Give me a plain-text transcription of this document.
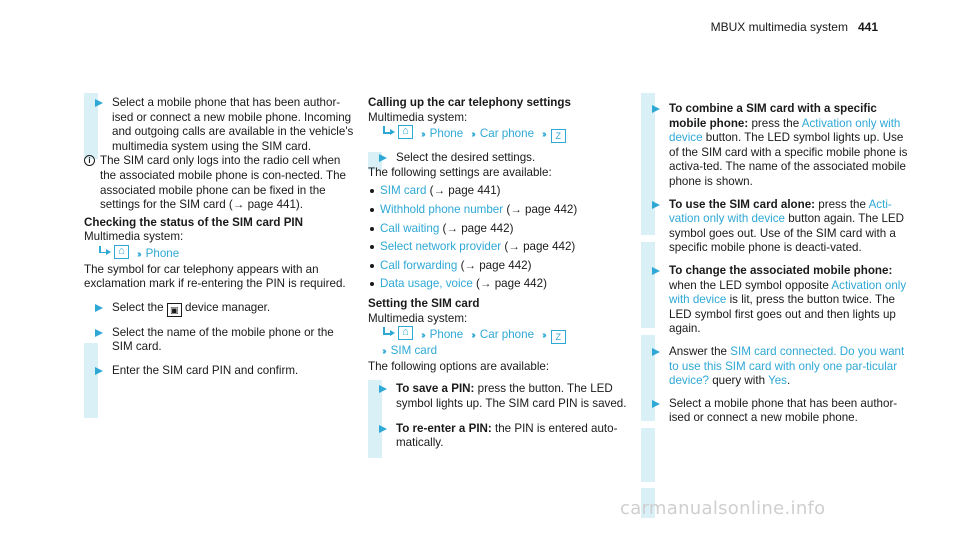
MBUX multimedia system 441
Select a mobile phone that has been author-ised or connect a new mobile phone. Incoming and outgoing calls are available in the vehicle's multimedia system using the SIM card.
i The SIM card only logs into the radio cell when the associated mobile phone is con-nected. The associated mobile phone can be fixed in the settings for the SIM card (→ page 441).
Checking the status of the SIM card PIN
Multimedia system:
⌂›› Phone
The symbol for car telephony appears with an exclamation mark if re-entering the PIN is required.
Select the ▣ device manager.
Select the name of the mobile phone or the SIM card.
Enter the SIM card PIN and confirm.
Calling up the car telephony settings
Multimedia system:
⌂›› Phone ›› Car phone ›› Z
Select the desired settings.
The following settings are available:
SIM card (→ page 441)
Withhold phone number (→ page 442)
Call waiting (→ page 442)
Select network provider (→ page 442)
Call forwarding (→ page 442)
Data usage, voice (→ page 442)
Setting the SIM card
Multimedia system:
⌂›› Phone ›› Car phone ›› Z
›› SIM card
The following options are available:
To save a PIN: press the button. The LED symbol lights up. The SIM card PIN is saved.
To re-enter a PIN: the PIN is entered auto-matically.
To combine a SIM card with a specific mobile phone: press the Activation only with device button. The LED symbol lights up. Use of the SIM card with a specific mobile phone is activa-ted. The name of the associated mobile phone is shown.
To use the SIM card alone: press the Acti-vation only with device button again. The LED symbol goes out. Use of the SIM card with a specific mobile phone is deacti-vated.
To change the associated mobile phone: when the LED symbol opposite Activation only with device is lit, press the button twice. The LED symbol first goes out and then lights up again.
Answer the SIM card connected. Do you want to use this SIM card with only one par-ticular device? query with Yes.
Select a mobile phone that has been author-ised or connect a new mobile phone.
carmanualsonline.info
